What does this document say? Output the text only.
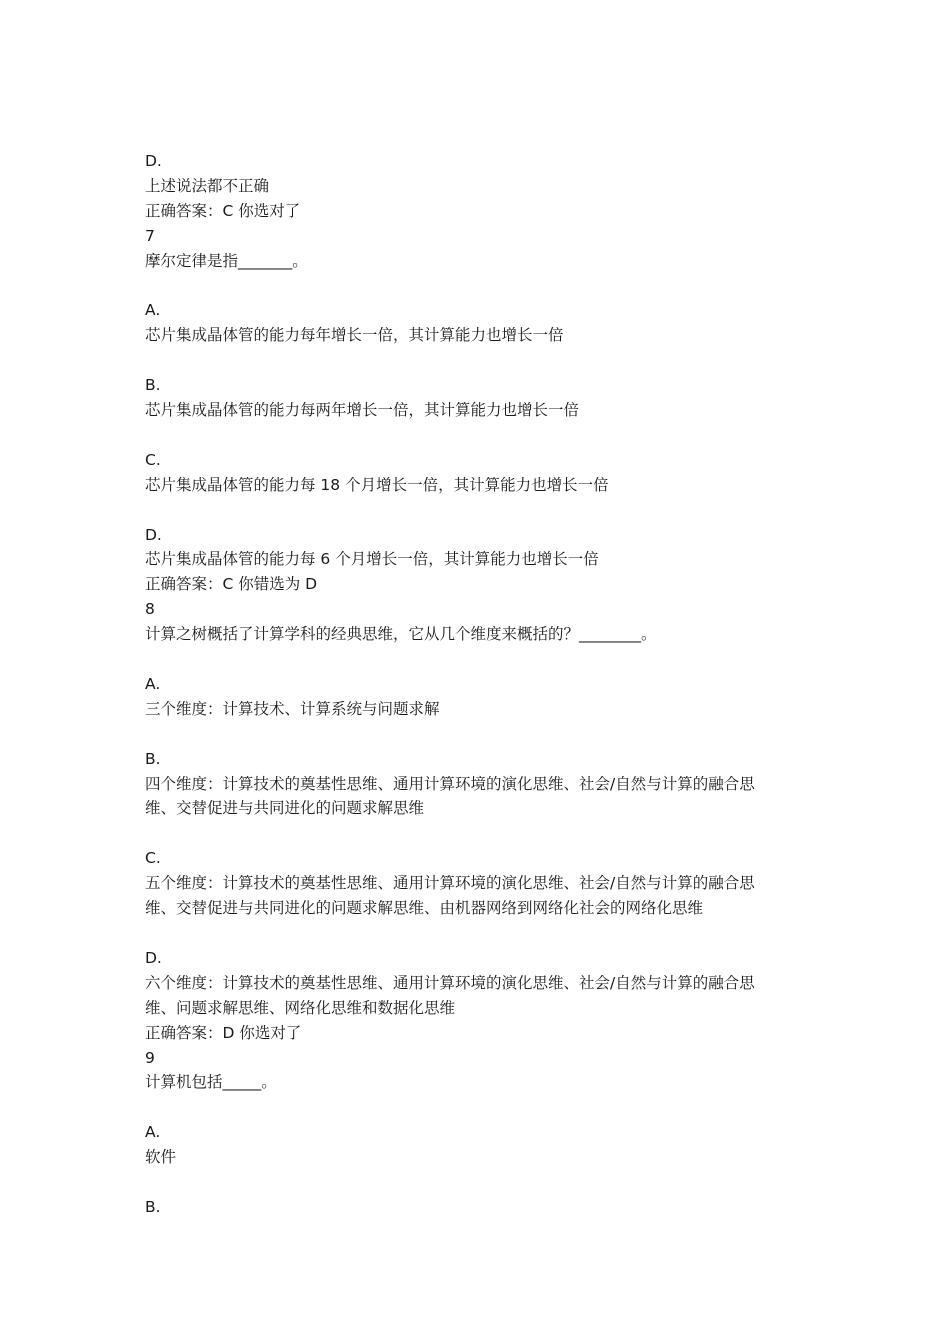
D.
上述说法都不正确
正确答案：C 你选对了
7
摩尔定律是指_______。
A.
芯片集成晶体管的能力每年增长一倍，其计算能力也增长一倍
B.
芯片集成晶体管的能力每两年增长一倍，其计算能力也增长一倍
C.
芯片集成晶体管的能力每 18 个月增长一倍，其计算能力也增长一倍
D.
芯片集成晶体管的能力每 6 个月增长一倍，其计算能力也增长一倍
正确答案：C 你错选为 D
8
计算之树概括了计算学科的经典思维，它从几个维度来概括的？________。
A.
三个维度：计算技术、计算系统与问题求解
B.
四个维度：计算技术的奠基性思维、通用计算环境的演化思维、社会/自然与计算的融合思
维、交替促进与共同进化的问题求解思维
C.
五个维度：计算技术的奠基性思维、通用计算环境的演化思维、社会/自然与计算的融合思
维、交替促进与共同进化的问题求解思维、由机器网络到网络化社会的网络化思维
D.
六个维度：计算技术的奠基性思维、通用计算环境的演化思维、社会/自然与计算的融合思
维、问题求解思维、网络化思维和数据化思维
正确答案：D 你选对了
9
计算机包括_____。
A.
软件
B.
